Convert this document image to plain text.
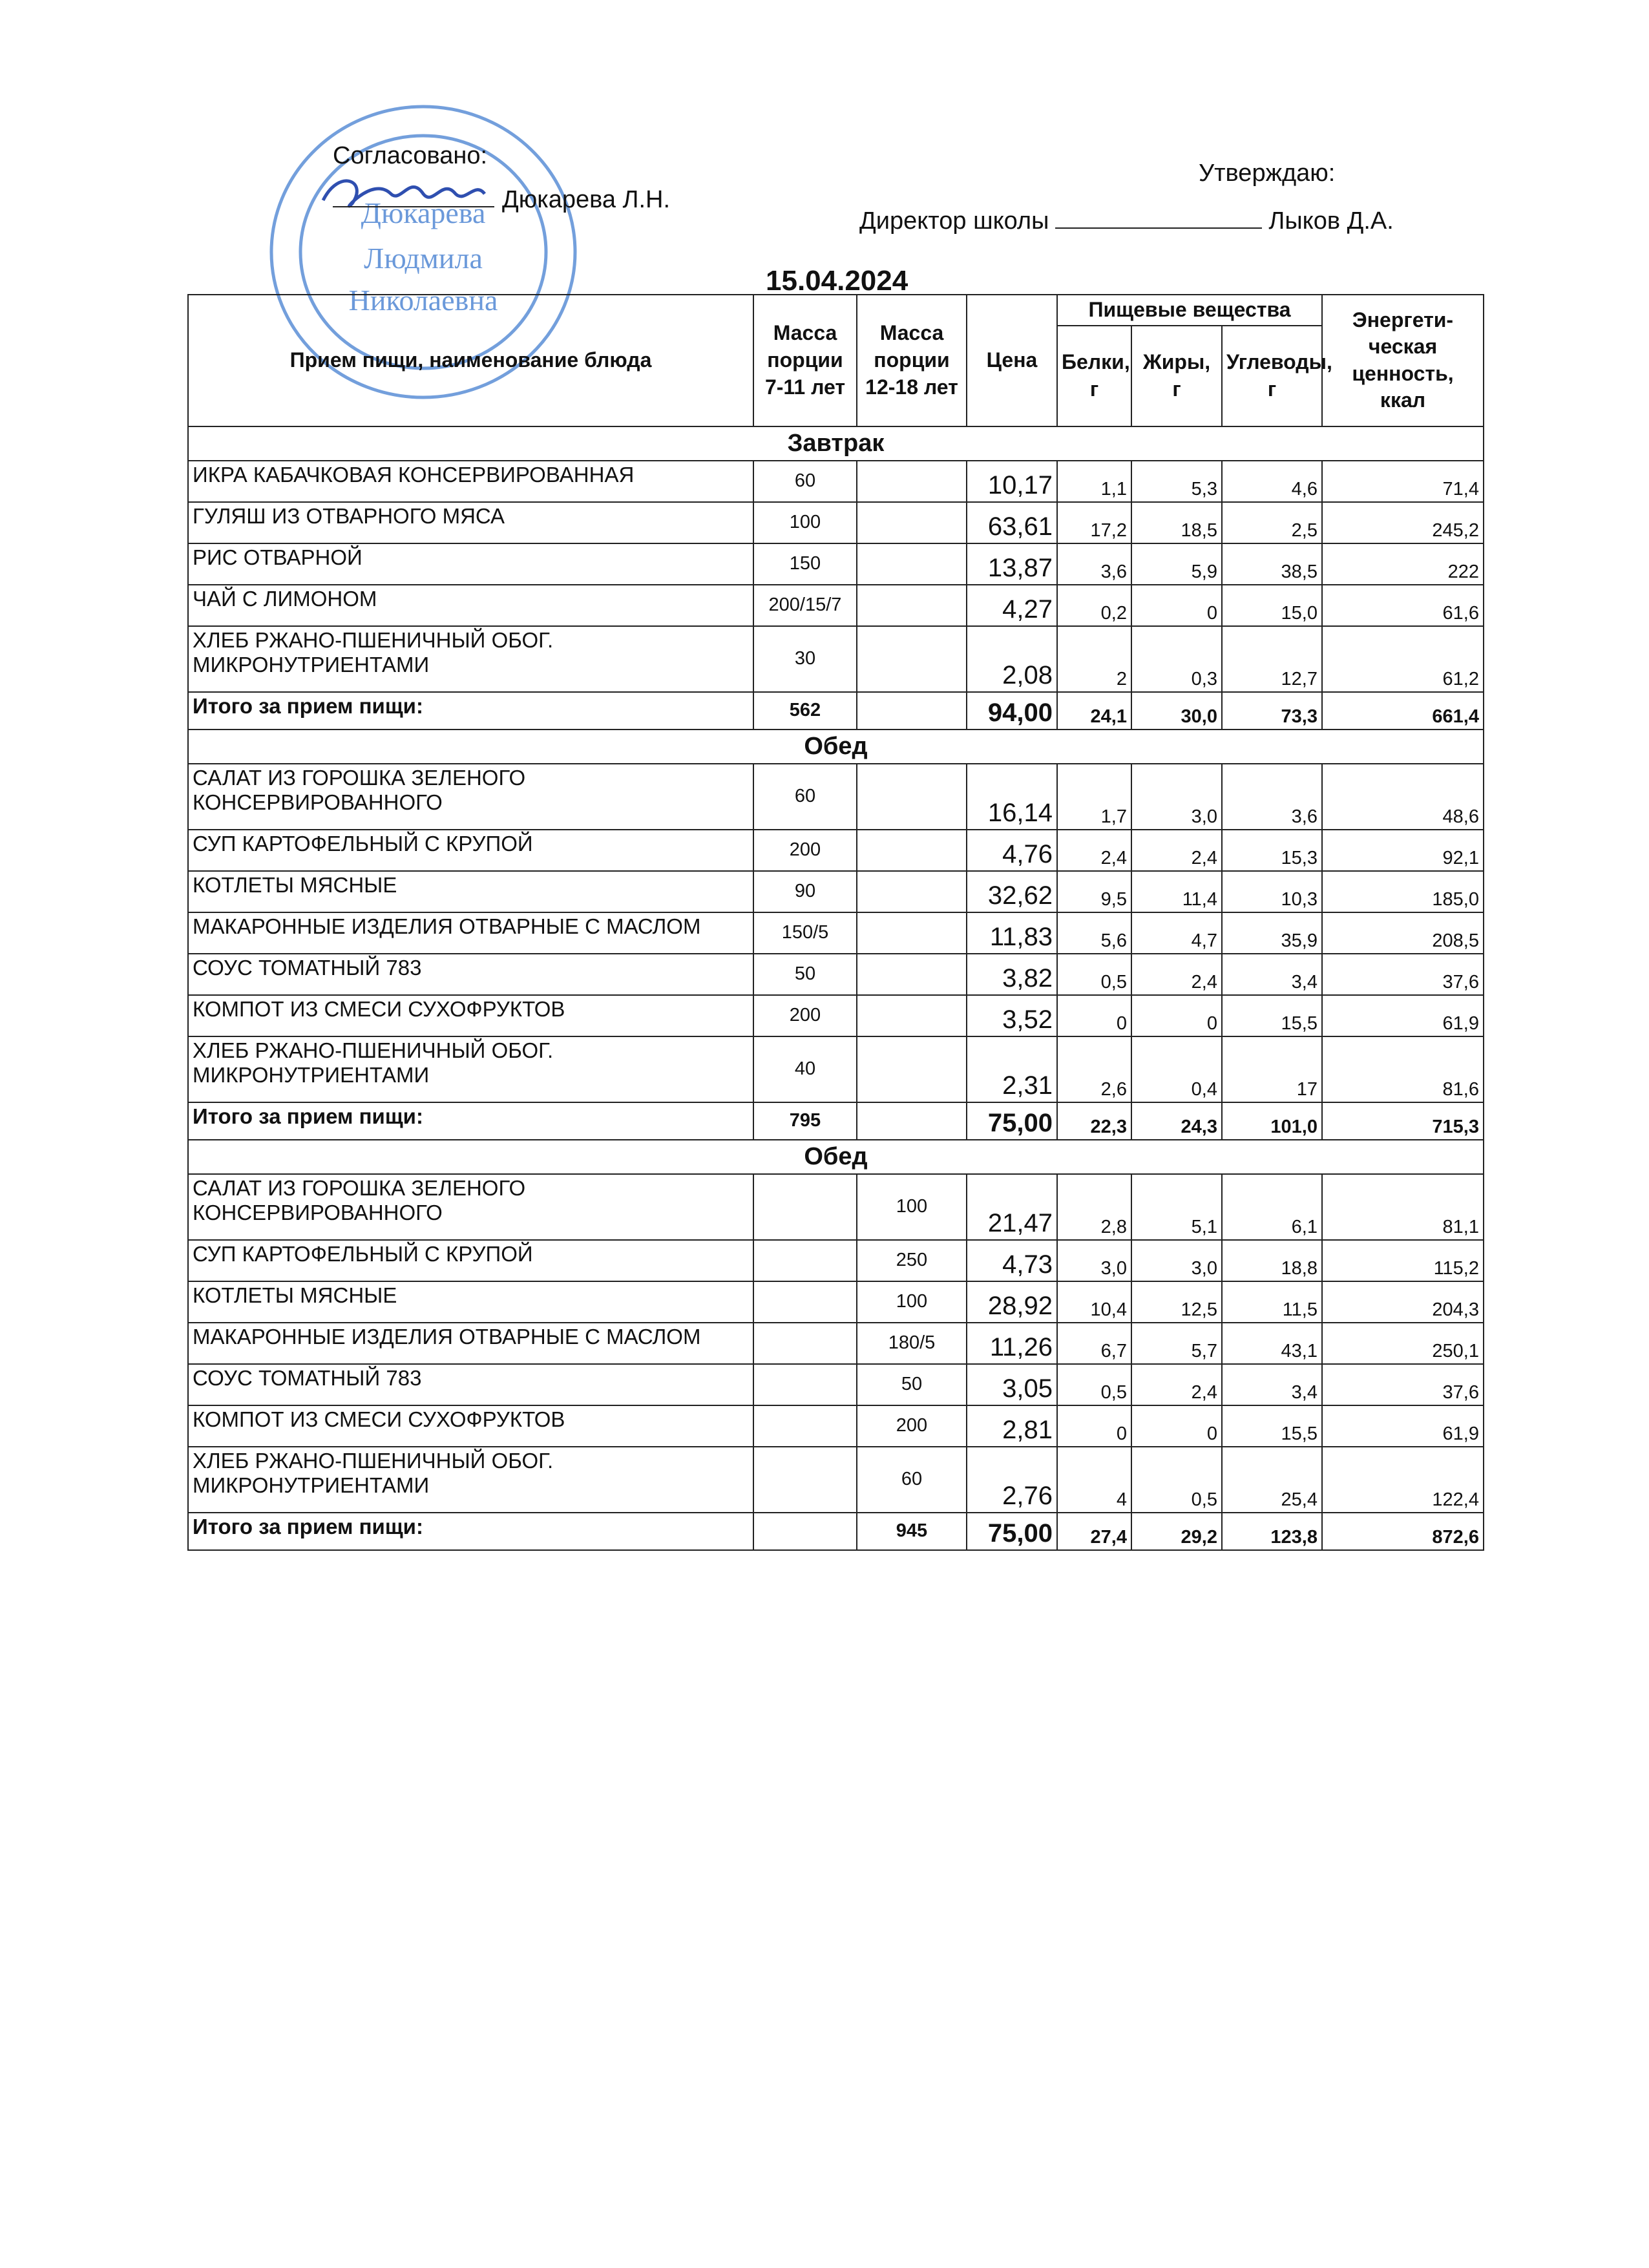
Дюкарева
Людмила
Николаевна
Согласовано:
Дюкарева Л.Н.
Утверждаю:
Директор школы	Лыков Д.А.
15.04.2024
Прием пищи, наименование блюда	Масса порции 7-11 лет	Масса порции 12-18 лет	Цена	Пищевые вещества			Энергети-ческая ценность, ккал
				Белки, г	Жиры, г	Углеводы, г	
Завтрак							
ИКРА КАБАЧКОВАЯ КОНСЕРВИРОВАННАЯ	60		10,17	1,1	5,3	4,6	71,4
ГУЛЯШ ИЗ ОТВАРНОГО МЯСА	100		63,61	17,2	18,5	2,5	245,2
РИС ОТВАРНОЙ	150		13,87	3,6	5,9	38,5	222
ЧАЙ С ЛИМОНОМ	200/15/7		4,27	0,2	0	15,0	61,6
ХЛЕБ РЖАНО-ПШЕНИЧНЫЙ ОБОГ. МИКРОНУТРИЕНТАМИ	30		2,08	2	0,3	12,7	61,2
Итого за прием пищи:	562		94,00	24,1	30,0	73,3	661,4
Обед							
САЛАТ ИЗ ГОРОШКА ЗЕЛЕНОГО КОНСЕРВИРОВАННОГО	60		16,14	1,7	3,0	3,6	48,6
СУП КАРТОФЕЛЬНЫЙ С КРУПОЙ	200		4,76	2,4	2,4	15,3	92,1
КОТЛЕТЫ МЯСНЫЕ	90		32,62	9,5	11,4	10,3	185,0
МАКАРОННЫЕ ИЗДЕЛИЯ ОТВАРНЫЕ С МАСЛОМ	150/5		11,83	5,6	4,7	35,9	208,5
СОУС ТОМАТНЫЙ 783	50		3,82	0,5	2,4	3,4	37,6
КОМПОТ ИЗ СМЕСИ СУХОФРУКТОВ	200		3,52	0	0	15,5	61,9
ХЛЕБ РЖАНО-ПШЕНИЧНЫЙ ОБОГ. МИКРОНУТРИЕНТАМИ	40		2,31	2,6	0,4	17	81,6
Итого за прием пищи:	795		75,00	22,3	24,3	101,0	715,3
Обед							
САЛАТ ИЗ ГОРОШКА ЗЕЛЕНОГО КОНСЕРВИРОВАННОГО		100	21,47	2,8	5,1	6,1	81,1
СУП КАРТОФЕЛЬНЫЙ С КРУПОЙ		250	4,73	3,0	3,0	18,8	115,2
КОТЛЕТЫ МЯСНЫЕ		100	28,92	10,4	12,5	11,5	204,3
МАКАРОННЫЕ ИЗДЕЛИЯ ОТВАРНЫЕ С МАСЛОМ		180/5	11,26	6,7	5,7	43,1	250,1
СОУС ТОМАТНЫЙ 783		50	3,05	0,5	2,4	3,4	37,6
КОМПОТ ИЗ СМЕСИ СУХОФРУКТОВ		200	2,81	0	0	15,5	61,9
ХЛЕБ РЖАНО-ПШЕНИЧНЫЙ ОБОГ. МИКРОНУТРИЕНТАМИ		60	2,76	4	0,5	25,4	122,4
Итого за прием пищи:		945	75,00	27,4	29,2	123,8	872,6
